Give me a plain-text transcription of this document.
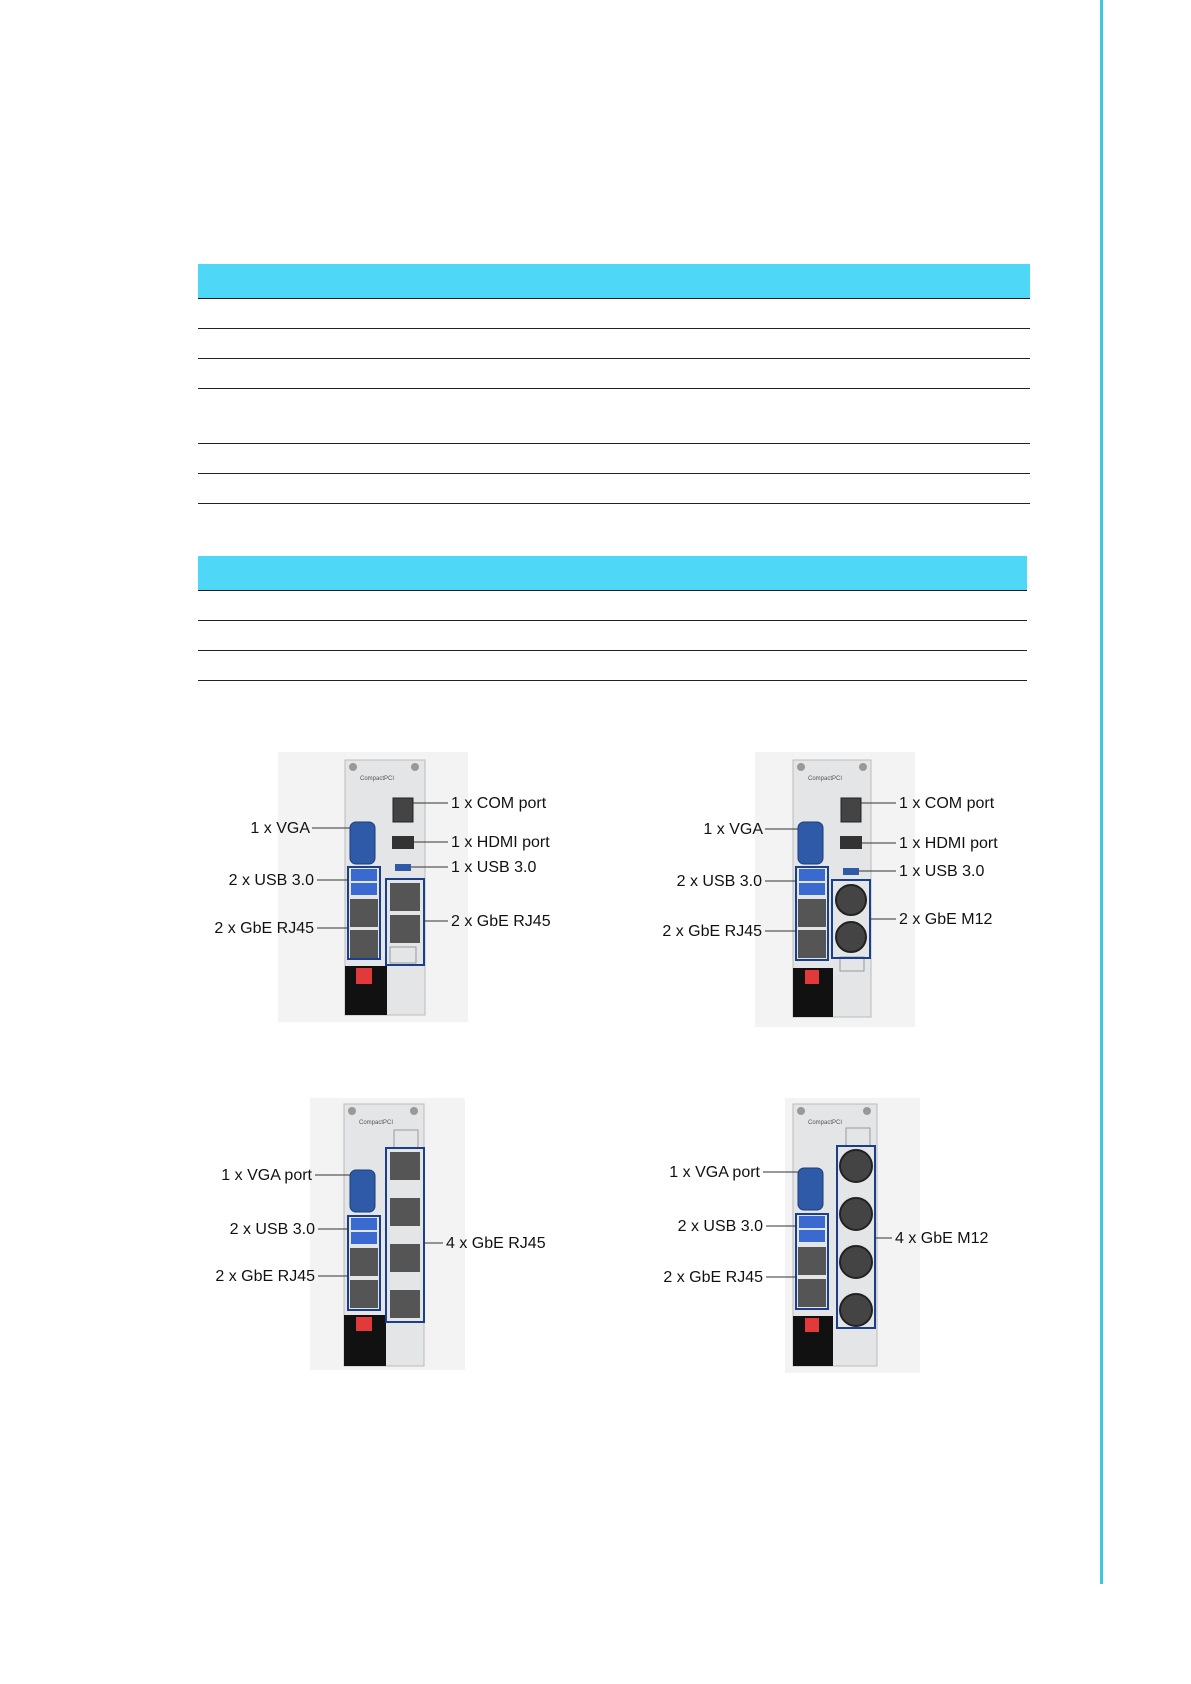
CompactPCI
1 x COM port
1 x VGA
1 x HDMI port
1 x USB 3.0
2 x USB 3.0
2 x GbE RJ45
2 x GbE RJ45
CompactPCI
1 x COM port
1 x VGA
1 x HDMI port
1 x USB 3.0
2 x USB 3.0
2 x GbE M12
2 x GbE RJ45
CompactPCI
1 x VGA port
2 x USB 3.0
4 x GbE RJ45
2 x GbE RJ45
CompactPCI
1 x VGA port
2 x USB 3.0
4 x GbE M12
2 x GbE RJ45
